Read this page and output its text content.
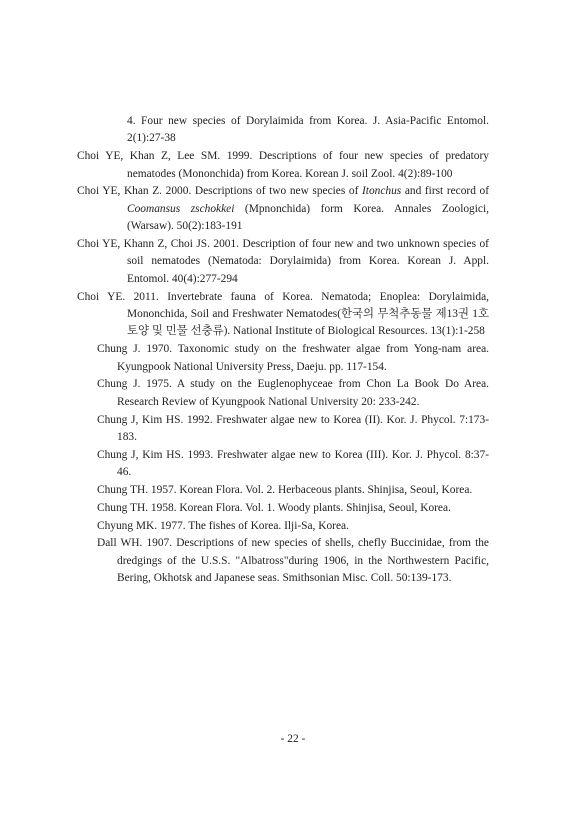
4. Four new species of Dorylaimida from Korea. J. Asia-Pacific Entomol. 2(1):27-38

Choi YE, Khan Z, Lee SM. 1999. Descriptions of four new species of predatory nematodes (Mononchida) from Korea. Korean J. soil Zool. 4(2):89-100

Choi YE, Khan Z. 2000. Descriptions of two new species of Itonchus and first record of Coomansus zschokkei (Mpnonchida) form Korea. Annales Zoologici, (Warsaw). 50(2):183-191

Choi YE, Khann Z, Choi JS. 2001. Description of four new and two unknown species of soil nematodes (Nematoda: Dorylaimida) from Korea. Korean J. Appl. Entomol. 40(4):277-294

Choi YE. 2011. Invertebrate fauna of Korea. Nematoda; Enoplea: Dorylaimida, Mononchida, Soil and Freshwater Nematodes(한국의 무척추동물 제13권 1호 토양 및 민물 선충류). National Institute of Biological Resources. 13(1):1-258

Chung J. 1970. Taxonomic study on the freshwater algae from Yong-nam area. Kyungpook National University Press, Daeju. pp. 117-154.

Chung J. 1975. A study on the Euglenophyceae from Chon La Book Do Area. Research Review of Kyungpook National University 20: 233-242.

Chung J, Kim HS. 1992. Freshwater algae new to Korea (II). Kor. J. Phycol. 7:173-183.

Chung J, Kim HS. 1993. Freshwater algae new to Korea (III). Kor. J. Phycol. 8:37-46.

Chung TH. 1957. Korean Flora. Vol. 2. Herbaceous plants. Shinjisa, Seoul, Korea.

Chung TH. 1958. Korean Flora. Vol. 1. Woody plants. Shinjisa, Seoul, Korea.

Chyung MK. 1977. The fishes of Korea. Ilji-Sa, Korea.

Dall WH. 1907. Descriptions of new species of shells, chefly Buccinidae, from the dredgings of the U.S.S. "Albatross"during 1906, in the Northwestern Pacific, Bering, Okhotsk and Japanese seas. Smithsonian Misc. Coll. 50:139-173.

- 22 -
